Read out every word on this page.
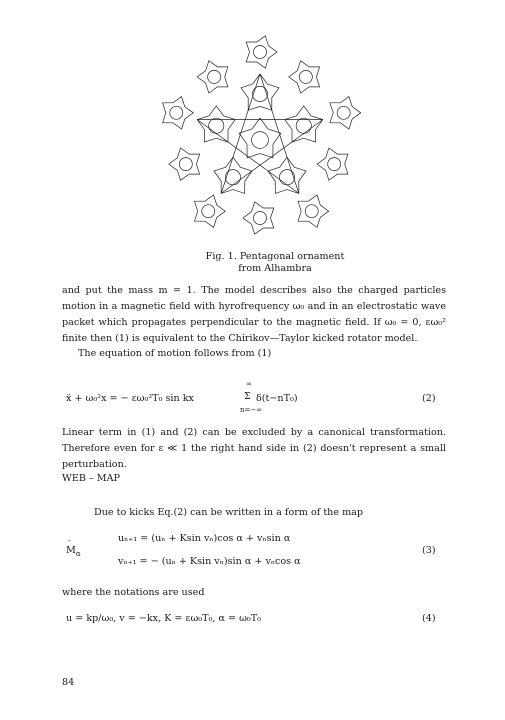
Fig. 1. Pentagonal ornament
from Alhambra
and put the mass m = 1. The model describes also the charged particles motion in a magnetic field with hyrofrequency ω₀ and in an electrostatic wave packet which propagates perpendicular to the magnetic field. If ω₀ = 0, εω₀² finite then (1) is equivalent to the Chirikov—Taylor kicked rotator model.
The equation of motion follows from (1)
ẍ + ω₀²x = − εω₀²T₀ sin kx
∞
Σ
n=−∞
δ(t−nT₀)	(2)
Linear term in (1) and (2) can be excluded by a canonical transformation. Therefore even for ε ≪ 1 the right hand side in (2) doesn't represent a small perturbation.
WEB – MAP
Due to kicks Eq.(2) can be written in a form of the map
-
$M_\alpha$
uₙ₊₁ = (uₙ + Ksin vₙ)cos α + vₙsin α
vₙ₊₁ = − (uₙ + Ksin vₙ)sin α + vₙcos α
(3)
where the notations are used
u = kp/ω₀, v = −kx, K = εω₀T₀, α = ω₀T₀	(4)
84
